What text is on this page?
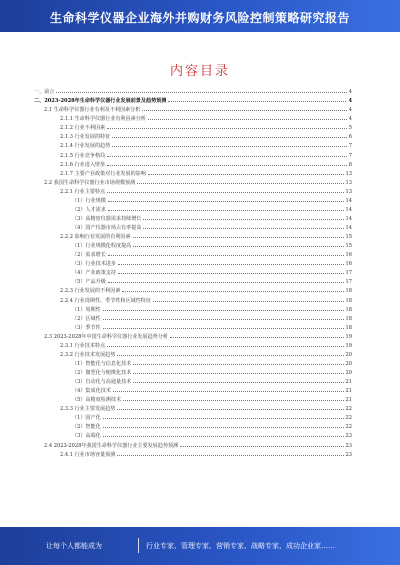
生命科学仪器企业海外并购财务风险控制策略研究报告
内容目录
一、前言	4
二、2023-2028年生命科学仪器行业发展前景及趋势预测	4
2.1 生命科学仪器行业有利及不利因素分析	4
2.1.1 生命科学仪器行业有利因素分析	4
2.1.2 行业不利因素	5
2.1.3 行业发展的特征	6
2.1.4 行业发展的趋势	7
2.1.5 行业竞争格局	7
2.1.6 行业进入壁垒	8
2.1.7 主要产业政策对行业发展的影响	13
2.2 我国生命科学仪器行业市场规模预测	13
2.2.1 行业主要特点	13
（1）行业规模	14
（2）人才需求	14
（3）高精密仪器需求持续增长	14
（4）国产仪器市场占有率提高	14
2.2.2 影响行业发展的有利因素	15
（1）行业规模化程度提高	15
（2）需求增长	16
（3）行业技术进步	16
（4）产业政策支持	17
（5）产品升级	17
2.2.3 行业发展的不利因素	18
2.2.4 行业周期性、季节性和区域性特征	18
（1）周期性	18
（2）区域性	18
（3）季节性	18
2.3 2023-2028年中国生命科学仪器行业发展趋势分析	19
2.3.1 行业技术特点	19
2.3.2 行业技术发展趋势	20
（1）智能化与信息化技术	20
（2）微型化与便携化技术	20
（3）自动化与高通量技术	21
（4）集成化技术	21
（5）高精度检测技术	21
2.3.3 行业主要发展趋势	22
（1）国产化	22
（2）智能化	22
（3）高端化	23
2.4 2023-2028年我国生命科学仪器行业主要发展趋势预测	23
2.4.1 行业市场容量预测	23
让每个人都能成为	行业专家、管理专家、营销专家、战略专家、成功企业家……
